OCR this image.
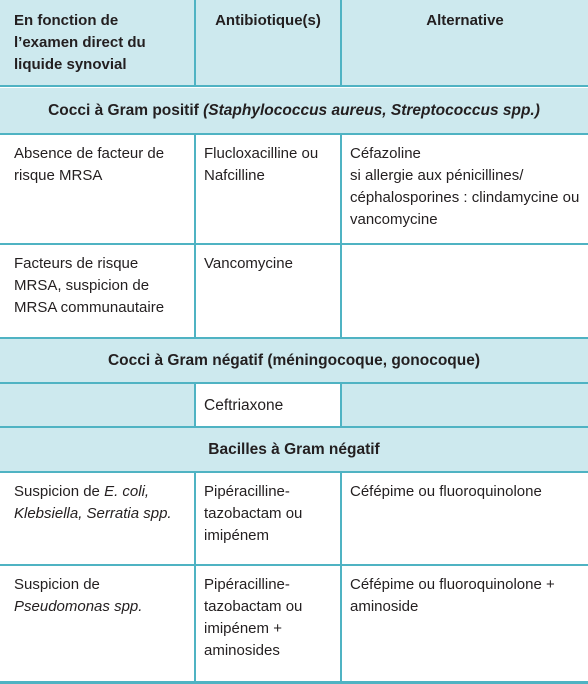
En fonction de l’examen direct du liquide synovial
Antibiotique(s)	Alternative
Cocci à Gram positif (Staphylococcus aureus, Streptococcus spp.)
Absence de facteur de risque MRSA
Flucloxacilline ou Nafcilline
Céfazoline
si allergie aux pénicillines/ céphalosporines : clindamycine ou vancomycine
Facteurs de risque MRSA, suspicion de MRSA communautaire
Vancomycine
Cocci à Gram négatif (méningocoque, gonocoque)
Ceftriaxone
Bacilles à Gram négatif
Suspicion de E. coli, Klebsiella, Serratia spp.
Pipéracilline-tazobactam ou imipénem
Céfépime ou fluoroquinolone
Suspicion de
Pseudomonas spp.
Pipéracilline-tazobactam ou imipénem + aminosides
Céfépime ou fluoroquinolone + aminoside
